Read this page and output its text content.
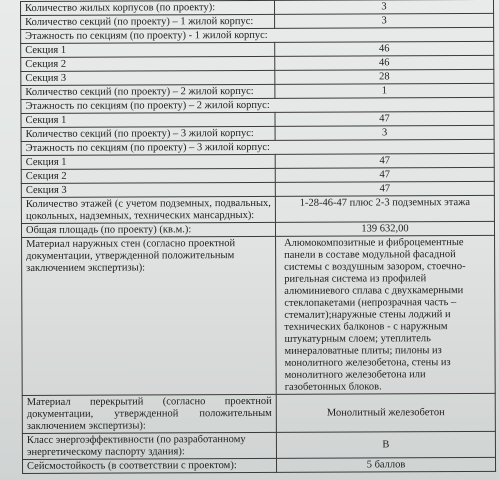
Количество жилых корпусов (по проекту):	3
Количество секций (по проекту) – 1 жилой корпус:	3
Этажность по секциям (по проекту) - 1 жилой корпус:	
Секция 1	46
Секция 2	46
Секция 3	28
Количество секций (по проекту) – 2 жилой корпус:	1
Этажность по секциям (по проекту) – 2 жилой корпус:	
Секция 1	47
Количество секций (по проекту) – 3 жилой корпус:	3
Этажность по секциям (по проекту) – 3 жилой корпус:	
Секция 1	47
Секция 2	47
Секция 3	47
Количество этажей (с учетом подземных, подвальных, цокольных, надземных, технических мансардных):	1-28-46-47 плюс 2-3 подземных этажа
Общая площадь (по проекту) (кв.м.):	139 632,00
Материал наружных стен (согласно проектной документации, утвержденной положительным заключением экспертизы):	Алюмокомпозитные и фиброцементные панели в составе модульной фасадной системы с воздушным зазором, стоечно-ригельная система из профилей алюминиевого сплава с двухкамерными стеклопакетами (непрозрачная часть – стемалит);наружные стены лоджий и технических балконов - с наружным штукатурным слоем; утеплитель минераловатные плиты; пилоны из монолитного железобетона, стены из монолитного железобетона или газобетонных блоков.
Материал перекрытий (согласно проектной документации, утвержденной положительным заключением экспертизы):	Монолитный железобетон
Класс энергоэффективности (по разработанному энергетическому паспорту здания):	В
Сейсмостойкость (в соответствии с проектом):	5 баллов
